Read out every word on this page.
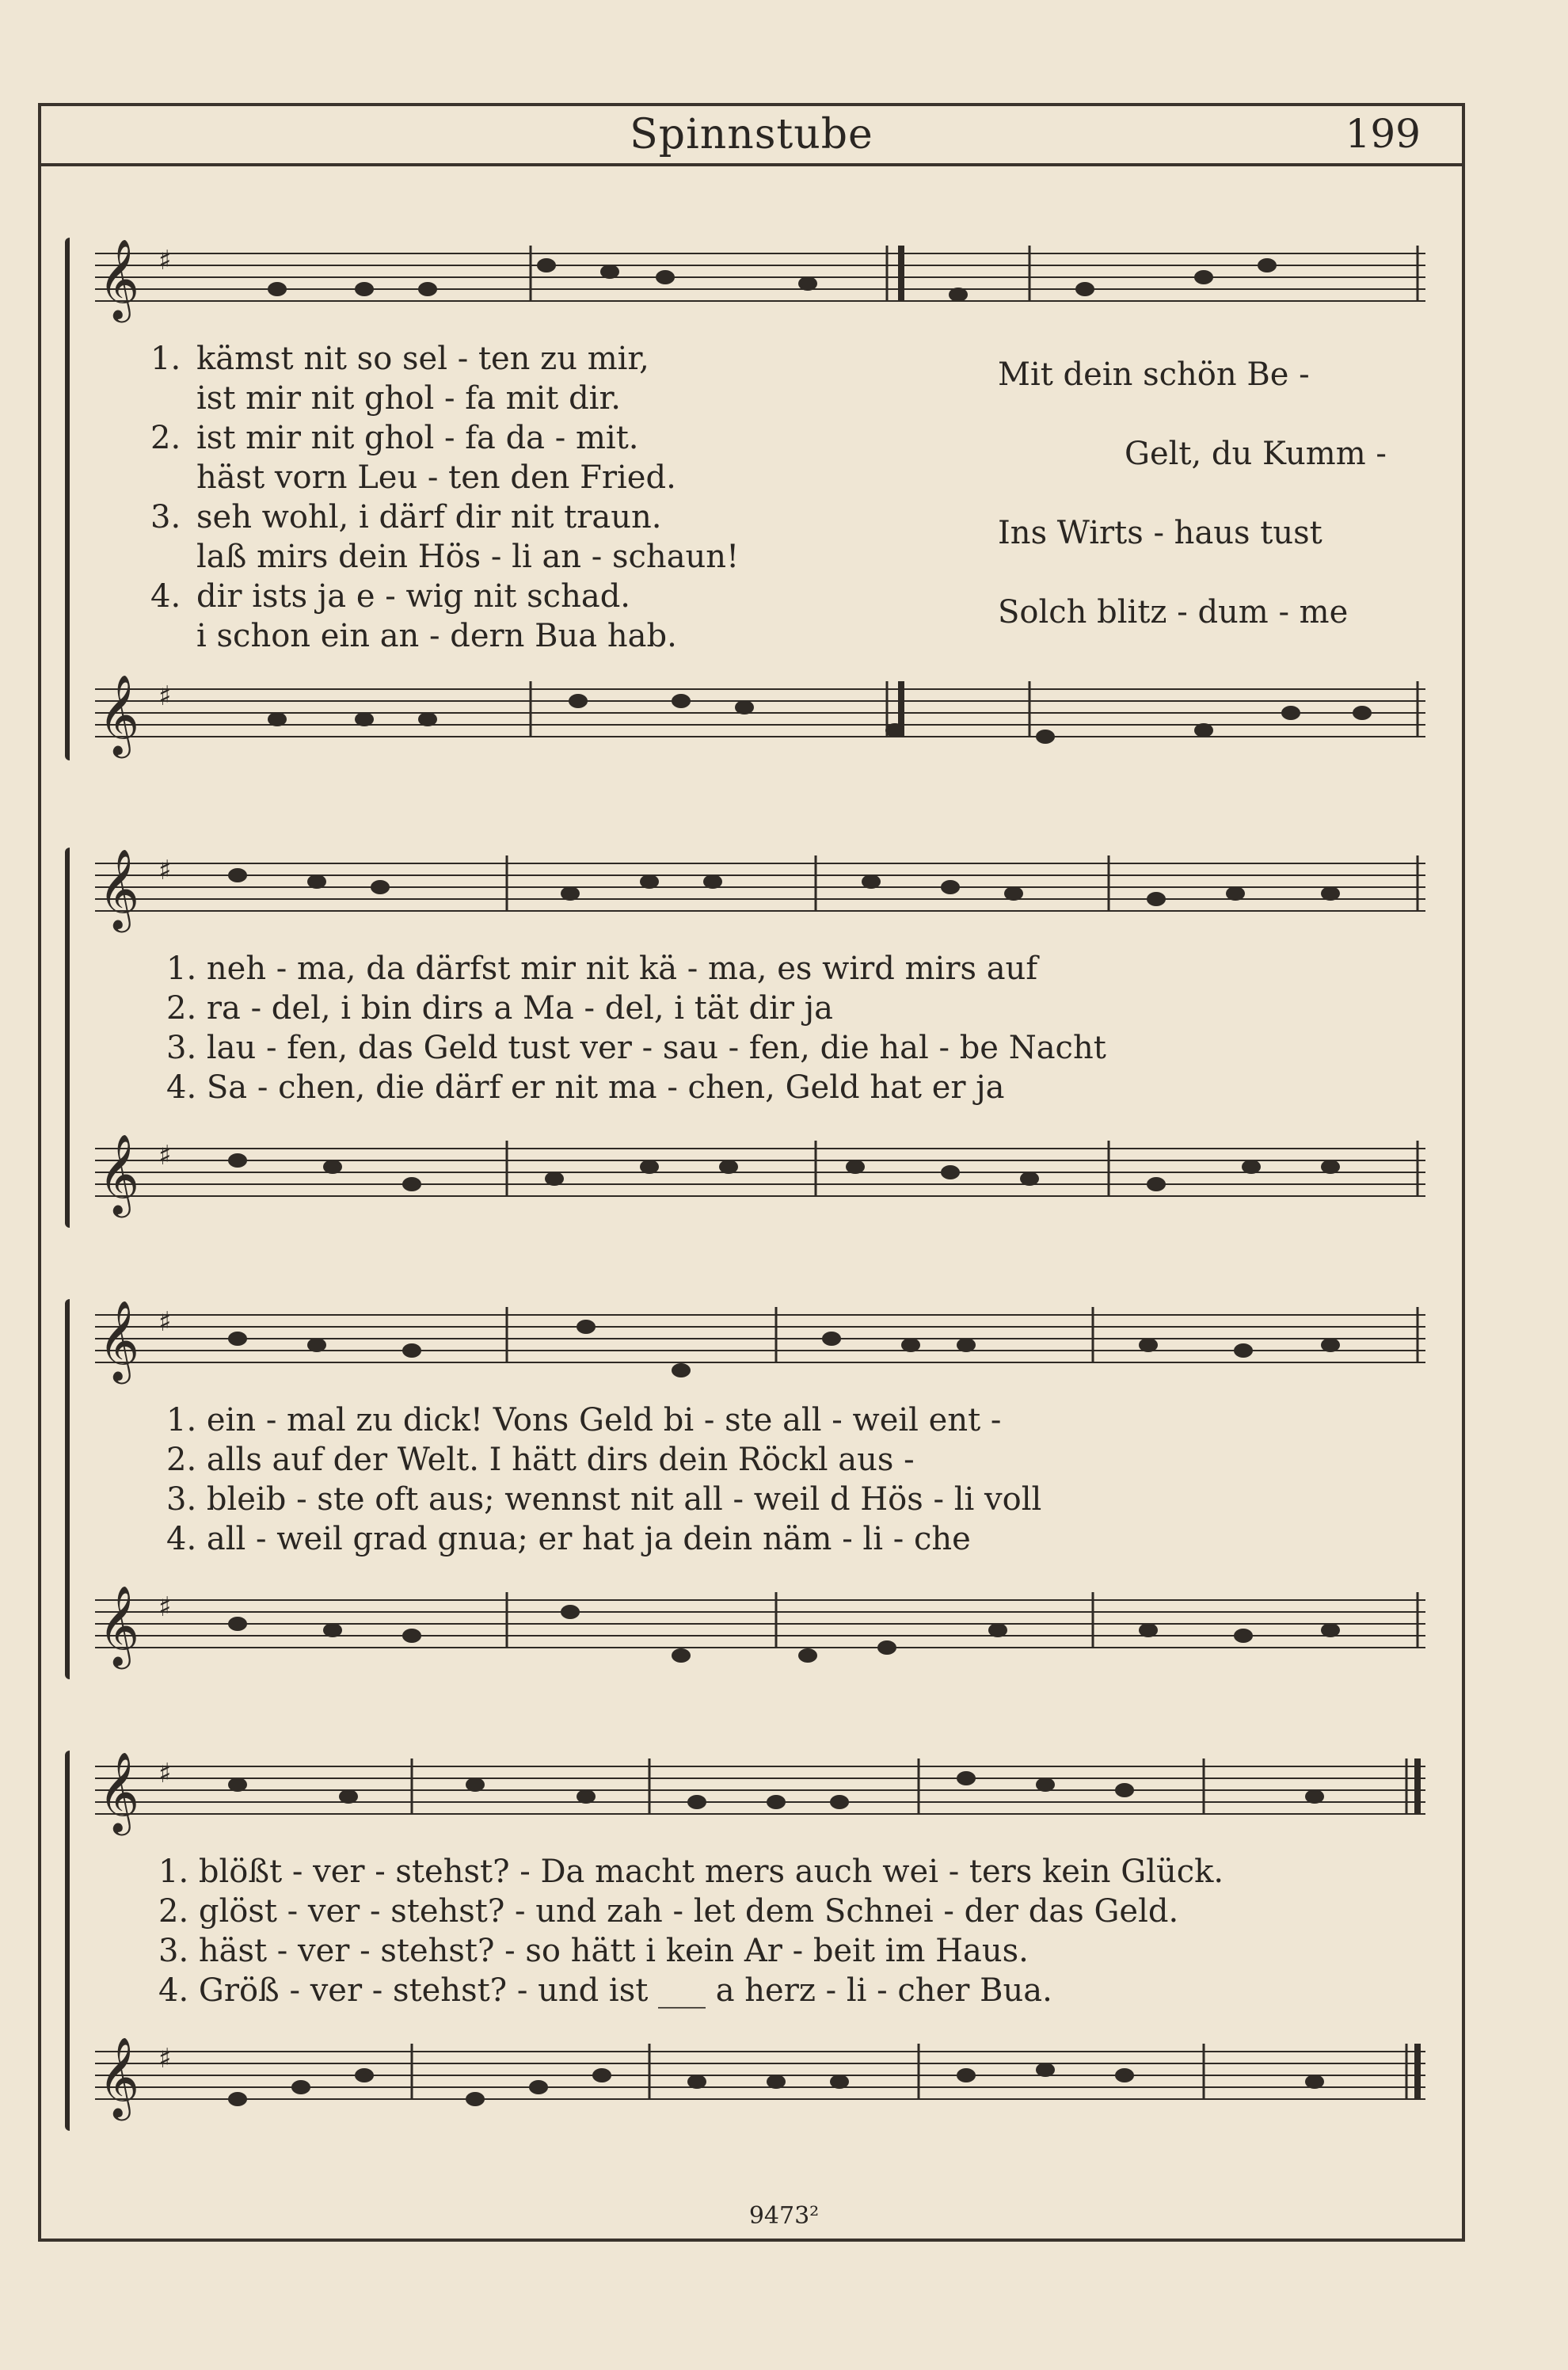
Spinnstube	199
𝄞 ♯
1. kämst nit so sel - ten zu mir,
ist mir nit ghol - fa mit dir.
2. ist mir nit ghol - fa da - mit.
häst vorn Leu - ten den Fried.
3. seh wohl, i därf dir nit traun.
laß mirs dein Hös - li an - schaun!
4. dir ists ja e - wig nit schad.
i schon ein an - dern Bua hab.
Mit dein schön Be -
Gelt, du Kumm -
Ins Wirts - haus tust
Solch blitz - dum - me
𝄞 ♯
𝄞 ♯
1. neh - ma, da därfst mir nit kä - ma, es wird mirs auf
2. ra - del, i bin dirs a Ma - del, i tät dir ja
3. lau - fen, das Geld tust ver - sau - fen, die hal - be Nacht
4. Sa - chen, die därf er nit ma - chen, Geld hat er ja
𝄞 ♯
𝄞 ♯
1. ein - mal zu dick! Vons Geld bi - ste all - weil ent -
2. alls auf der Welt. I hätt dirs dein Röckl aus -
3. bleib - ste oft aus; wennst nit all - weil d Hös - li voll
4. all - weil grad gnua; er hat ja dein näm - li - che
𝄞 ♯
𝄞 ♯
1. blößt - ver - stehst? - Da macht mers auch wei - ters kein Glück.
2. glöst - ver - stehst? - und zah - let dem Schnei - der das Geld.
3. häst - ver - stehst? - so hätt i kein Ar - beit im Haus.
4. Größ - ver - stehst? - und ist ___ a herz - li - cher Bua.
𝄞 ♯
9473²
